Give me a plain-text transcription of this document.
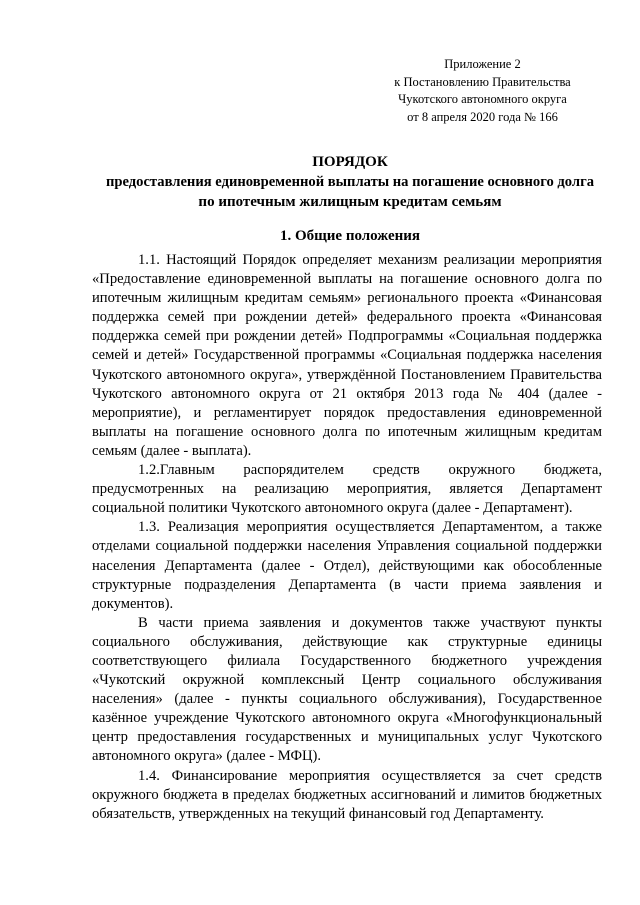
Приложение 2
к Постановлению Правительства
Чукотского автономного округа
от 8 апреля 2020 года № 166
ПОРЯДОК
предоставления единовременной выплаты на погашение основного долга
по ипотечным жилищным кредитам семьям
1. Общие положения

1.1. Настоящий Порядок определяет механизм реализации мероприятия «Предоставление единовременной выплаты на погашение основного долга по ипотечным жилищным кредитам семьям» регионального проекта «Финансовая поддержка семей при рождении детей» федерального проекта «Финансовая поддержка семей при рождении детей» Подпрограммы «Социальная поддержка семей и детей» Государственной программы «Социальная поддержка населения Чукотского автономного округа», утверждённой Постановлением Правительства Чукотского автономного округа от 21 октября 2013 года № 404 (далее - мероприятие), и регламентирует порядок предоставления единовременной выплаты на погашение основного долга по ипотечным жилищным кредитам семьям (далее - выплата).

1.2.Главным распорядителем средств окружного бюджета, предусмотренных на реализацию мероприятия, является Департамент социальной политики Чукотского автономного округа (далее - Департамент).

1.3. Реализация мероприятия осуществляется Департаментом, а также отделами социальной поддержки населения Управления социальной поддержки населения Департамента (далее - Отдел), действующими как обособленные структурные подразделения Департамента (в части приема заявления и документов).

В части приема заявления и документов также участвуют пункты социального обслуживания, действующие как структурные единицы соответствующего филиала Государственного бюджетного учреждения «Чукотский окружной комплексный Центр социального обслуживания населения» (далее - пункты социального обслуживания), Государственное казённое учреждение Чукотского автономного округа «Многофункциональный центр предоставления государственных и муниципальных услуг Чукотского автономного округа» (далее - МФЦ).

1.4. Финансирование мероприятия осуществляется за счет средств окружного бюджета в пределах бюджетных ассигнований и лимитов бюджетных обязательств, утвержденных на текущий финансовый год Департаменту.
